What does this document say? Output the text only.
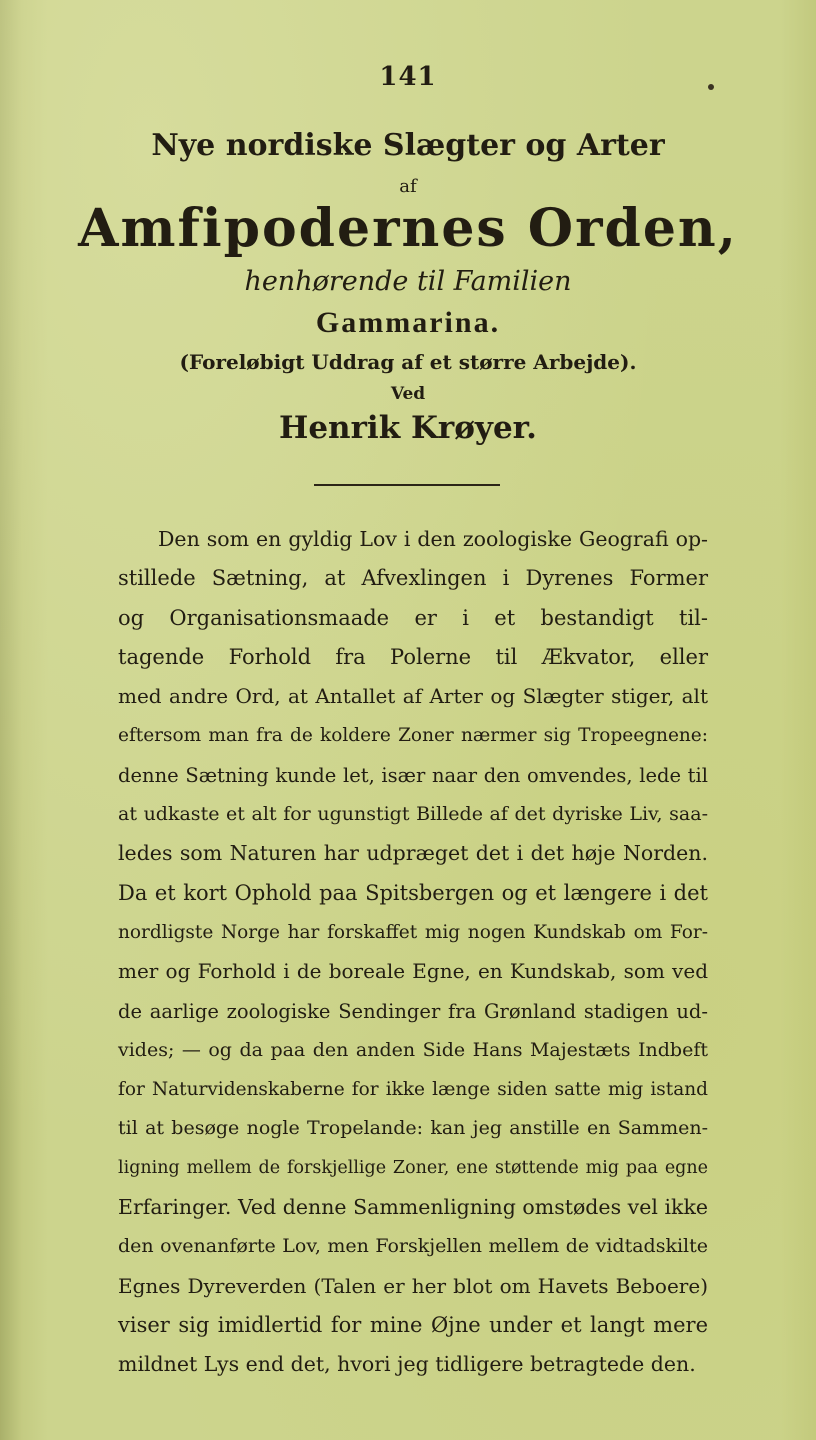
141
Nye nordiske Slægter og Arter
af
Amfipodernes Orden,
henhørende til Familien
Gammarina.
(Foreløbigt Uddrag af et større Arbejde).
Ved
Henrik Krøyer.
Den som en gyldig Lov i den zoologiske Geografi op-
stillede Sætning, at Afvexlingen i Dyrenes Former
og Organisationsmaade er i et bestandigt til-
tagende Forhold fra Polerne til Ækvator, eller
med andre Ord, at Antallet af Arter og Slægter stiger, alt
eftersom man fra de koldere Zoner nærmer sig Tropeegnene:
denne Sætning kunde let, især naar den omvendes, lede til
at udkaste et alt for ugunstigt Billede af det dyriske Liv, saa-
ledes som Naturen har udpræget det i det høje Norden.
Da et kort Ophold paa Spitsbergen og et længere i det
nordligste Norge har forskaffet mig nogen Kundskab om For-
mer og Forhold i de boreale Egne, en Kundskab, som ved
de aarlige zoologiske Sendinger fra Grønland stadigen ud-
vides; — og da paa den anden Side Hans Majestæts Indbeft
for Naturvidenskaberne for ikke længe siden satte mig istand
til at besøge nogle Tropelande: kan jeg anstille en Sammen-
ligning mellem de forskjellige Zoner, ene støttende mig paa egne
Erfaringer. Ved denne Sammenligning omstødes vel ikke
den ovenanførte Lov, men Forskjellen mellem de vidtadskilte
Egnes Dyreverden (Talen er her blot om Havets Beboere)
viser sig imidlertid for mine Øjne under et langt mere
mildnet Lys end det, hvori jeg tidligere betragtede den.
